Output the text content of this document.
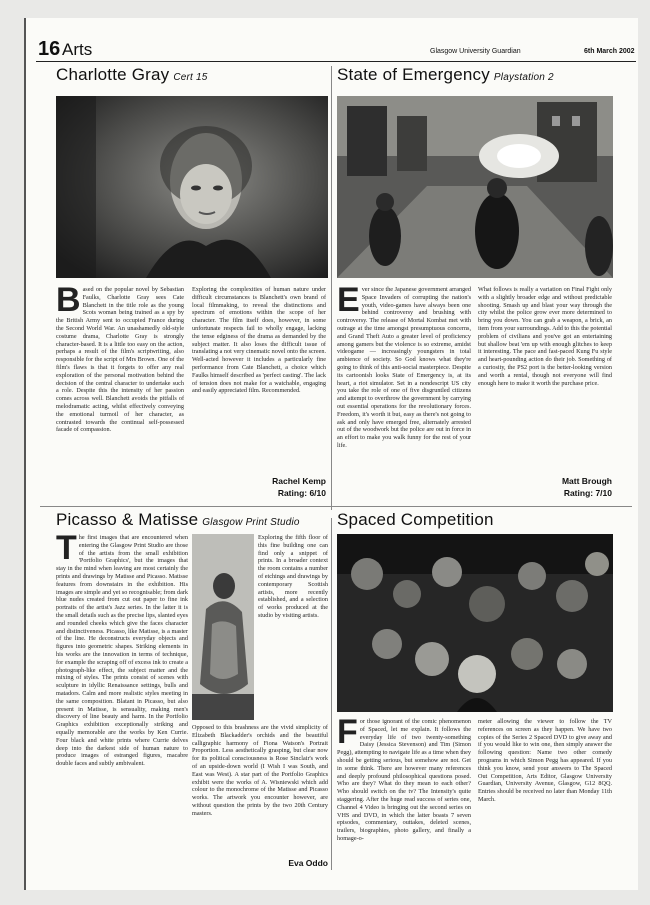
16 Arts	Glasgow University Guardian	6th March 2002
Charlotte Gray Cert 15
Based on the popular novel by Sebastian Faulks, Charlotte Gray sees Cate Blanchett in the title role as the young Scots woman being trained as a spy by the British Army sent to occupied France during the Second World War. An unashamedly old-style costume drama, Charlotte Gray is strongly character-based. It is a little too easy on the action, perhaps a result of the film's scriptwriting, also responsible for the script of Mrs Brown. One of the film's flaws is that it forgets to offer any real exploration of the personal motivation behind the decision of the central character to undertake such a role. Despite this the intensity of her passion comes across well. Blanchett avoids the pitfalls of melodramatic acting, whilst effectively conveying the emotional turmoil of her character, as contrasted towards the continual self-possessed facade of compassion.
Exploring the complexities of human nature under difficult circumstances is Blanchett's own brand of local filmmaking, to reveal the distinctions and spectrum of emotions within the scope of her character. The film itself does, however, in some unfortunate respects fail to wholly engage, lacking the tense edginess of the drama as demanded by the subject matter. It also loses the difficult issue of translating a not very cinematic novel onto the screen. Well-acted however it includes a particularly fine performance from Cate Blanchett, a choice which Faulks himself described as 'perfect casting'. The lack of tension does not make for a watchable, engaging and easily appreciated film. Recommended.
Rachel Kemp
Rating: 6/10
State of Emergency Playstation 2
Ever since the Japanese government arranged Space Invaders of corrupting the nation's youth, video-games have always been one behind controversy and brushing with controversy. The release of Mortal Kombat met with outrage at the time amongst presumptuous concerns, and Grand Theft Auto a greater level of proficiency among gamers but the violence is so extreme, amidst videogame — increasingly youngsters in total ambience of society. So God knows what they're going to think of this anti-social masterpiece. Despite its cartoonish looks State of Emergency is, at its heart, a riot simulator. Set in a nondescript US city you take the role of one of five disgruntled citizens and attempt to overthrow the government by carrying out essential operations for the revolutionary forces. Freedom, it's worth it but, easy as there's not going to ask and only have emerged free, alternately arrested out of the woodwork but the police are out in force in an effort to make you walk funny for the rest of your life.
What follows is really a variation on Final Fight only with a slightly broader edge and without predictable shooting. Smash up and blast your way through the city whilst the police grow ever more determined to bring you down. You can grab a weapon, a brick, an item from your surroundings. Add to this the potential problem of civilians and you've got an entertaining but shallow beat 'em up with enough glitches to keep it interesting. The pace and fast-paced Kung Fu style and heart-pounding action do their job. Something of a curiosity, the PS2 port is the better-looking version and worth a rental, though not everyone will find enough here to make it worth the purchase price.
Matt Brough
Rating: 7/10
Picasso & Matisse Glasgow Print Studio
The first images that are encountered when entering the Glasgow Print Studio are those of the artists from the small exhibition 'Portfolio Graphics', but the images that stay in the mind when leaving are most certainly the prints and drawings by Matisse and Picasso. Matisse features from downstairs in the exhibition. His images are simple and yet so recognisable; from dark blue nudes created from cut out paper to fine ink portraits of the artist's Jazz series. In the latter it is the small details such as the precise lips, slanted eyes and rounded cheeks which give the faces character and distinctiveness. Picasso, like Matisse, is a master of the line. He deconstructs everyday objects and figures into geometric shapes. Striking elements in his works are the innovation in terms of technique, for example the scraping off of excess ink to create a photograph-like effect, the subject matter and the mixing of styles. The prints consist of scenes with sculpture in idyllic Renaissance settings, bulls and matadors. Calm and more realistic styles meeting in the same composition. Blatant in Picasso, but also present in Matisse, is sensuality, making men's discovery of line beauty and harm. In the Portfolio Graphics exhibition exceptionally striking and equally memorable are the works by Ken Currie. Four black and white prints where Currie delves deep into the darkest side of human nature to produce images of estranged figures, macabre double faces and subtly ambivalent.
Exploring the fifth floor of this fine building one can find only a snippet of prints. In a broader context the room contains a number of etchings and drawings by contemporary Scottish artists, more recently established, and a selection of works produced at the studio by visiting artists.
Opposed to this brashness are the vivid simplicity of Elizabeth Blackadder's orchids and the beautiful calligraphic harmony of Fiona Watson's Portrait Proportion. Less aesthetically grasping, but clear now for its political consciousness is Rose Sinclair's work of an upside-down world (I Wish I was South, and East was West). A star part of the Portfolio Graphics exhibit were the works of A. Wisniewski which add colour to the monochrome of the Matisse and Picasso works. The artwork you encounter however, are without question the prints by the two 20th Century masters.
Eva Oddo
Spaced Competition
For those ignorant of the comic phenomenon of Spaced, let me explain. It follows the everyday life of two twenty-something Daisy (Jessica Stevenson) and Tim (Simon Pegg), attempting to navigate life as a time when they should be getting serious, but somehow are not. Get in some think. There are however many references and deeply profound philosophical questions posed. Who are they? What do they mean to each other? Who should switch on the tv? The Intensity's quite staggering. After the huge read success of series one, Channel 4 Video is bringing out the second series on VHS and DVD, in which the latter boasts 7 seven episodes, commentary, outtakes, deleted scenes, trailers, biographies, photo gallery, and finally a homage-o-
meter allowing the viewer to follow the TV references on screen as they happen. We have two copies of the Series 2 Spaced DVD to give away and if you would like to win one, then simply answer the following question: Name two other comedy programs in which Simon Pegg has appeared. If you think you know, send your answers to The Spaced Out Competition, Arts Editor, Glasgow University Guardian, University Avenue, Glasgow, G12 8QQ. Entries should be received no later than Monday 11th March.
